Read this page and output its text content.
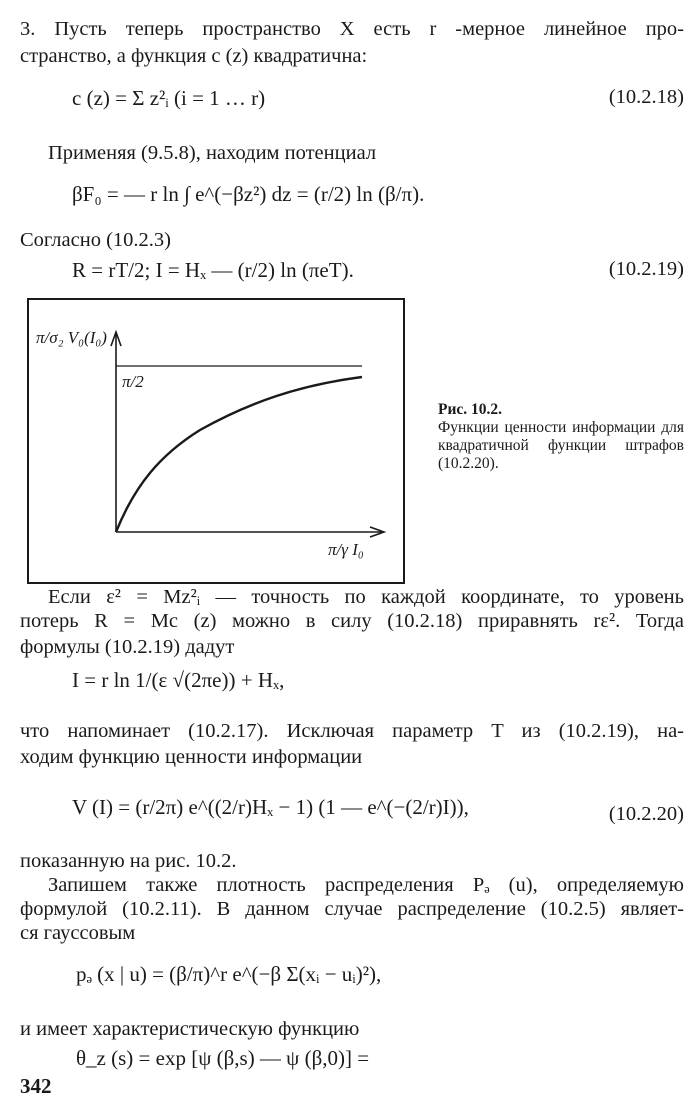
3. Пусть теперь пространство X есть r -мерное линейное про-
странство, а функция c (z) квадратична:
c (z) = Σ z²ᵢ (i = 1 … r)	(10.2.18)
Применяя (9.5.8), находим потенциал
βF₀ = — r ln ∫ e^(−βz²) dz = (r/2) ln (β/π).
Согласно (10.2.3)
R = rT/2; I = Hₓ — (r/2) ln (πeT).	(10.2.19)
π/σ₂ V₀(I₀)
π/2
π/γ I₀
Рис. 10.2.
Функции ценности информации для квадратичной функции штрафов (10.2.20).
Если ε² = Mz²ᵢ — точность по каждой координате, то уровень
потерь R = Mc (z) можно в силу (10.2.18) приравнять rε². Тогда
формулы (10.2.19) дадут
I = r ln 1/(ε √(2πe)) + Hₓ,
что напоминает (10.2.17). Исключая параметр T из (10.2.19), на-
ходим функцию ценности информации
V (I) = (r/2π) e^((2/r)Hₓ − 1) (1 — e^(−(2/r)I)),	(10.2.20)
показанную на рис. 10.2.
Запишем также плотность распределения Pₔ (u), определяемую
формулой (10.2.11). В данном случае распределение (10.2.5) являет-
ся гауссовым
pₔ (x | u) = (β/π)^r e^(−β Σ(xᵢ − uᵢ)²),
и имеет характеристическую функцию
θ_z (s) = exp [ψ (β,s) — ψ (β,0)] =
342
